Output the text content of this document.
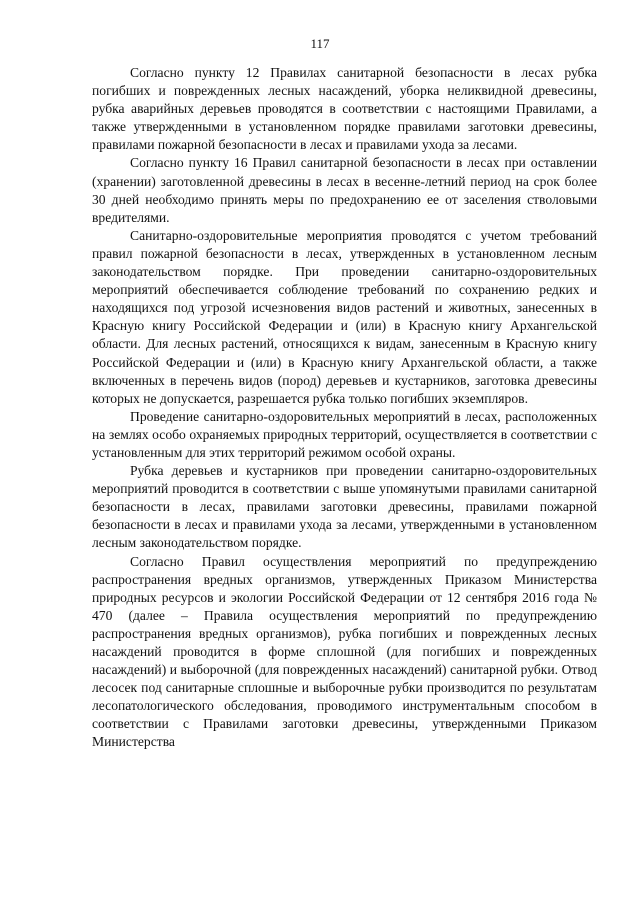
117

Согласно пункту 12 Правилах санитарной безопасности в лесах рубка погибших и поврежденных лесных насаждений, уборка неликвидной древесины, рубка аварийных деревьев проводятся в соответствии с настоящими Правилами, а также утвержденными в установленном порядке правилами заготовки древесины, правилами пожарной безопасности в лесах и правилами ухода за лесами.

Согласно пункту 16 Правил санитарной безопасности в лесах при оставлении (хранении) заготовленной древесины в лесах в весенне-летний период на срок более 30 дней необходимо принять меры по предохранению ее от заселения стволовыми вредителями.

Санитарно-оздоровительные мероприятия проводятся с учетом требований правил пожарной безопасности в лесах, утвержденных в установленном лесным законодательством порядке. При проведении санитарно-оздоровительных мероприятий обеспечивается соблюдение требований по сохранению редких и находящихся под угрозой исчезновения видов растений и животных, занесенных в Красную книгу Российской Федерации и (или) в Красную книгу Архангельской области. Для лесных растений, относящихся к видам, занесенным в Красную книгу Российской Федерации и (или) в Красную книгу Архангельской области, а также включенных в перечень видов (пород) деревьев и кустарников, заготовка древесины которых не допускается, разрешается рубка только погибших экземпляров.

Проведение санитарно-оздоровительных мероприятий в лесах, расположенных на землях особо охраняемых природных территорий, осуществляется в соответствии с установленным для этих территорий режимом особой охраны.

Рубка деревьев и кустарников при проведении санитарно-оздоровительных мероприятий проводится в соответствии с выше упомянутыми правилами санитарной безопасности в лесах, правилами заготовки древесины, правилами пожарной безопасности в лесах и правилами ухода за лесами, утвержденными в установленном лесным законодательством порядке.

Согласно Правил осуществления мероприятий по предупреждению распространения вредных организмов, утвержденных Приказом Министерства природных ресурсов и экологии Российской Федерации от 12 сентября 2016 года № 470 (далее – Правила осуществления мероприятий по предупреждению распространения вредных организмов), рубка погибших и поврежденных лесных насаждений проводится в форме сплошной (для погибших и поврежденных насаждений) и выборочной (для поврежденных насаждений) санитарной рубки. Отвод лесосек под санитарные сплошные и выборочные рубки производится по результатам лесопатологического обследования, проводимого инструментальным способом в соответствии с Правилами заготовки древесины, утвержденными Приказом Министерства
